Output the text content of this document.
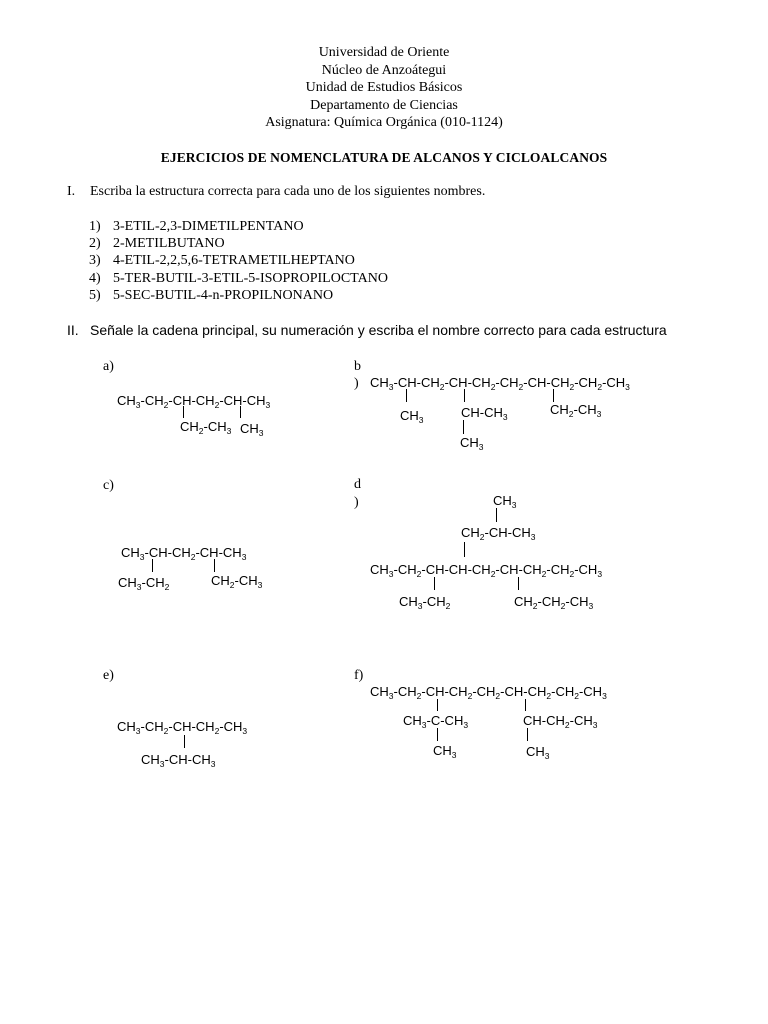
Universidad de Oriente
Núcleo de Anzoátegui
Unidad de Estudios Básicos
Departamento de Ciencias
Asignatura: Química Orgánica (010-1124)
EJERCICIOS DE NOMENCLATURA DE ALCANOS Y CICLOALCANOS
I. Escriba la estructura correcta para cada uno de los siguientes nombres.
1) 3-ETIL-2,3-DIMETILPENTANO
2) 2-METILBUTANO
3) 4-ETIL-2,2,5,6-TETRAMETILHEPTANO
4) 5-TER-BUTIL-3-ETIL-5-ISOPROPILOCTANO
5) 5-SEC-BUTIL-4-n-PROPILNONANO
II. Señale la cadena principal, su numeración y escriba el nombre correcto para cada estructura
a)
$CH_3-CH_2-CH-CH_2-CH-CH_3$
$CH_2-CH_3$ $CH_3$
b
) $CH_3-CH-CH_2-CH-CH_2-CH_2-CH-CH_2-CH_2-CH_3$
$CH_3$	$CH-CH_3$
$CH_3$
$CH_2-CH_3$
c)
$CH_3-CH-CH_2-CH-CH_3$
$CH_3-CH_2$	$CH_2-CH_3$
d
)	$CH_3$
$CH_2-CH-CH_3$
$CH_3-CH_2-CH-CH-CH_2-CH-CH_2-CH_2-CH_3$
$CH_3-CH_2$	$CH_2-CH_2-CH_3$
e)
$CH_3-CH_2-CH-CH_2-CH_3$
$CH_3-CH-CH_3$
f)
$CH_3-CH_2-CH-CH_2-CH_2-CH-CH_2-CH_2-CH_3$
$CH_3-C-CH_3$
$CH_3$
$CH-CH_2-CH_3$
$CH_3$
